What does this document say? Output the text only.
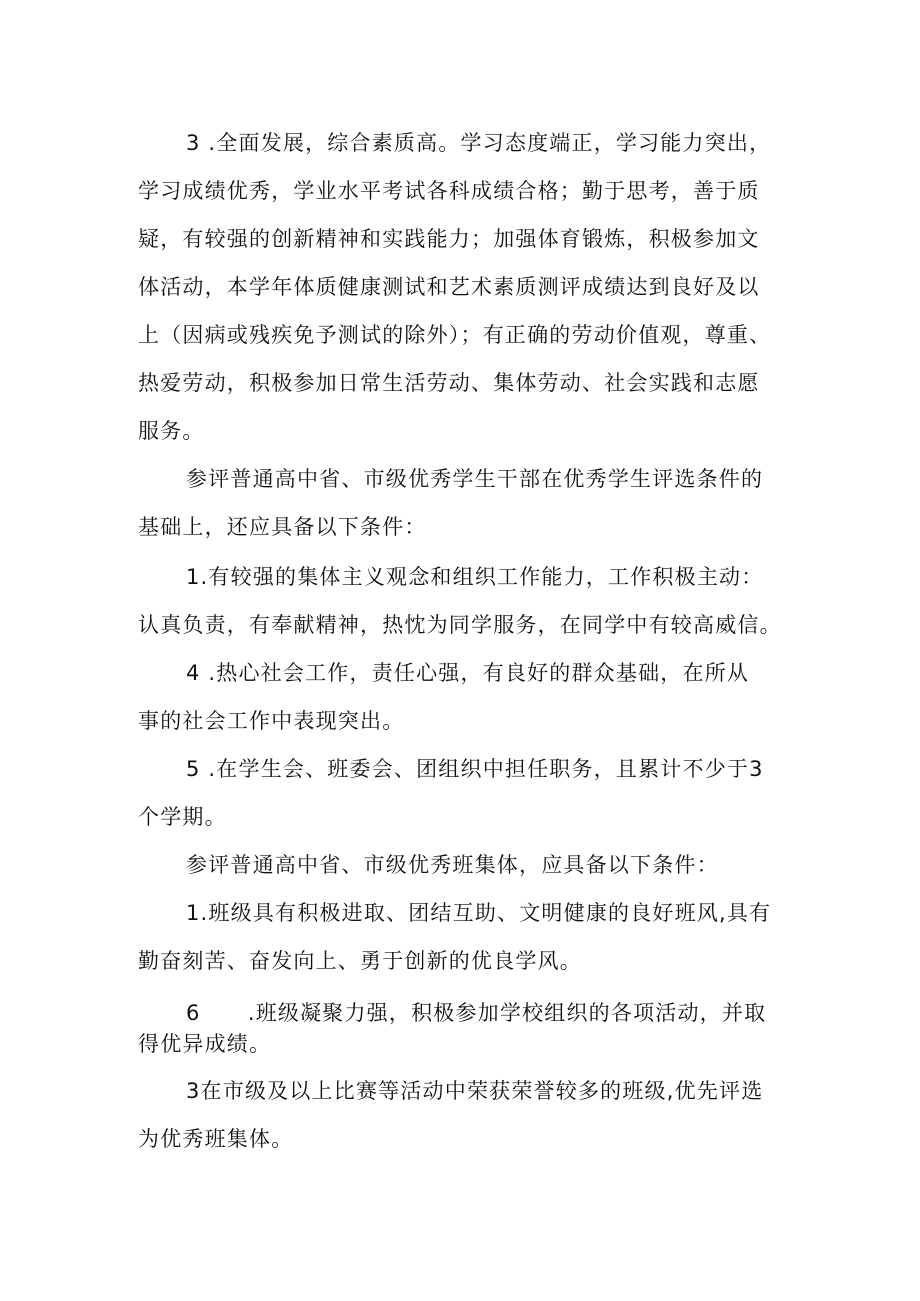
3 .全面发展，综合素质高。学习态度端正，学习能力突出，
学习成绩优秀，学业水平考试各科成绩合格；勤于思考，善于质
疑，有较强的创新精神和实践能力；加强体育锻炼，积极参加文
体活动，本学年体质健康测试和艺术素质测评成绩达到良好及以
上（因病或残疾免予测试的除外）；有正确的劳动价值观，尊重、
热爱劳动，积极参加日常生活劳动、集体劳动、社会实践和志愿
服务。
参评普通高中省、市级优秀学生干部在优秀学生评选条件的
基础上，还应具备以下条件：
1.有较强的集体主义观念和组织工作能力，工作积极主动：
认真负责，有奉献精神，热忱为同学服务，在同学中有较高威信。
4 .热心社会工作，责任心强，有良好的群众基础，在所从
事的社会工作中表现突出。
5 .在学生会、班委会、团组织中担任职务，且累计不少于3
个学期。
参评普通高中省、市级优秀班集体，应具备以下条件：
1.班级具有积极进取、团结互助、文明健康的良好班风,具有
勤奋刻苦、奋发向上、勇于创新的优良学风。
6      .班级凝聚力强，积极参加学校组织的各项活动，并取
得优异成绩。
3在市级及以上比赛等活动中荣获荣誉较多的班级,优先评选
为优秀班集体。
